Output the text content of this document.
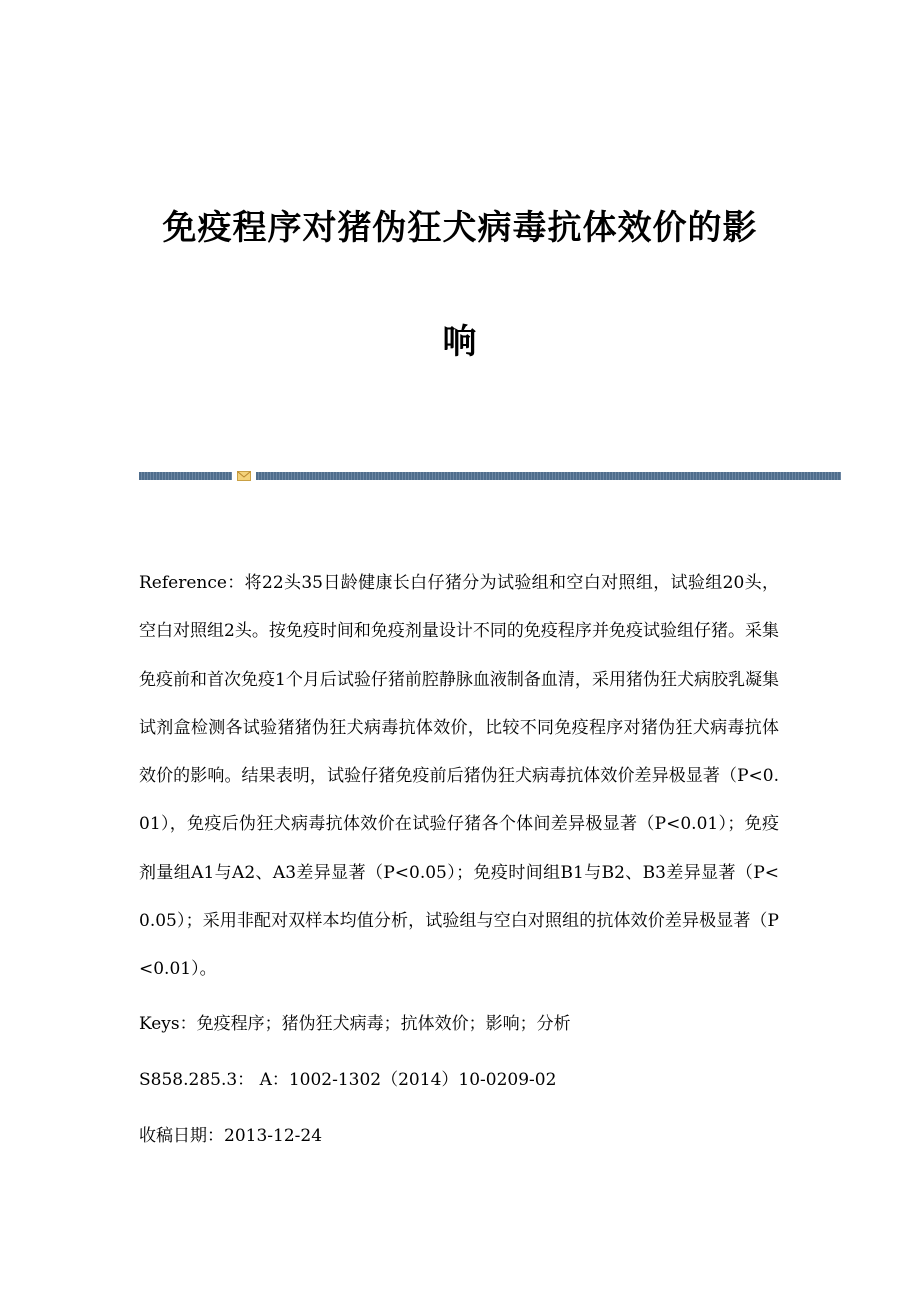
免疫程序对猪伪狂犬病毒抗体效价的影
响
Reference：将22头35日龄健康长白仔猪分为试验组和空白对照组，试验组20头，空白对照组2头。按免疫时间和免疫剂量设计不同的免疫程序并免疫试验组仔猪。采集免疫前和首次免疫1个月后试验仔猪前腔静脉血液制备血清，采用猪伪狂犬病胶乳凝集试剂盒检测各试验猪猪伪狂犬病毒抗体效价，比较不同免疫程序对猪伪狂犬病毒抗体效价的影响。结果表明，试验仔猪免疫前后猪伪狂犬病毒抗体效价差异极显著（P<0.01），免疫后伪狂犬病毒抗体效价在试验仔猪各个体间差异极显著（P<0.01）；免疫剂量组A1与A2、A3差异显著（P<0.05）；免疫时间组B1与B2、B3差异显著（P<0.05）；采用非配对双样本均值分析，试验组与空白对照组的抗体效价差异极显著（P<0.01）。
Keys：免疫程序；猪伪狂犬病毒；抗体效价；影响；分析
S858.285.3： A：1002-1302（2014）10-0209-02
收稿日期：2013-12-24
